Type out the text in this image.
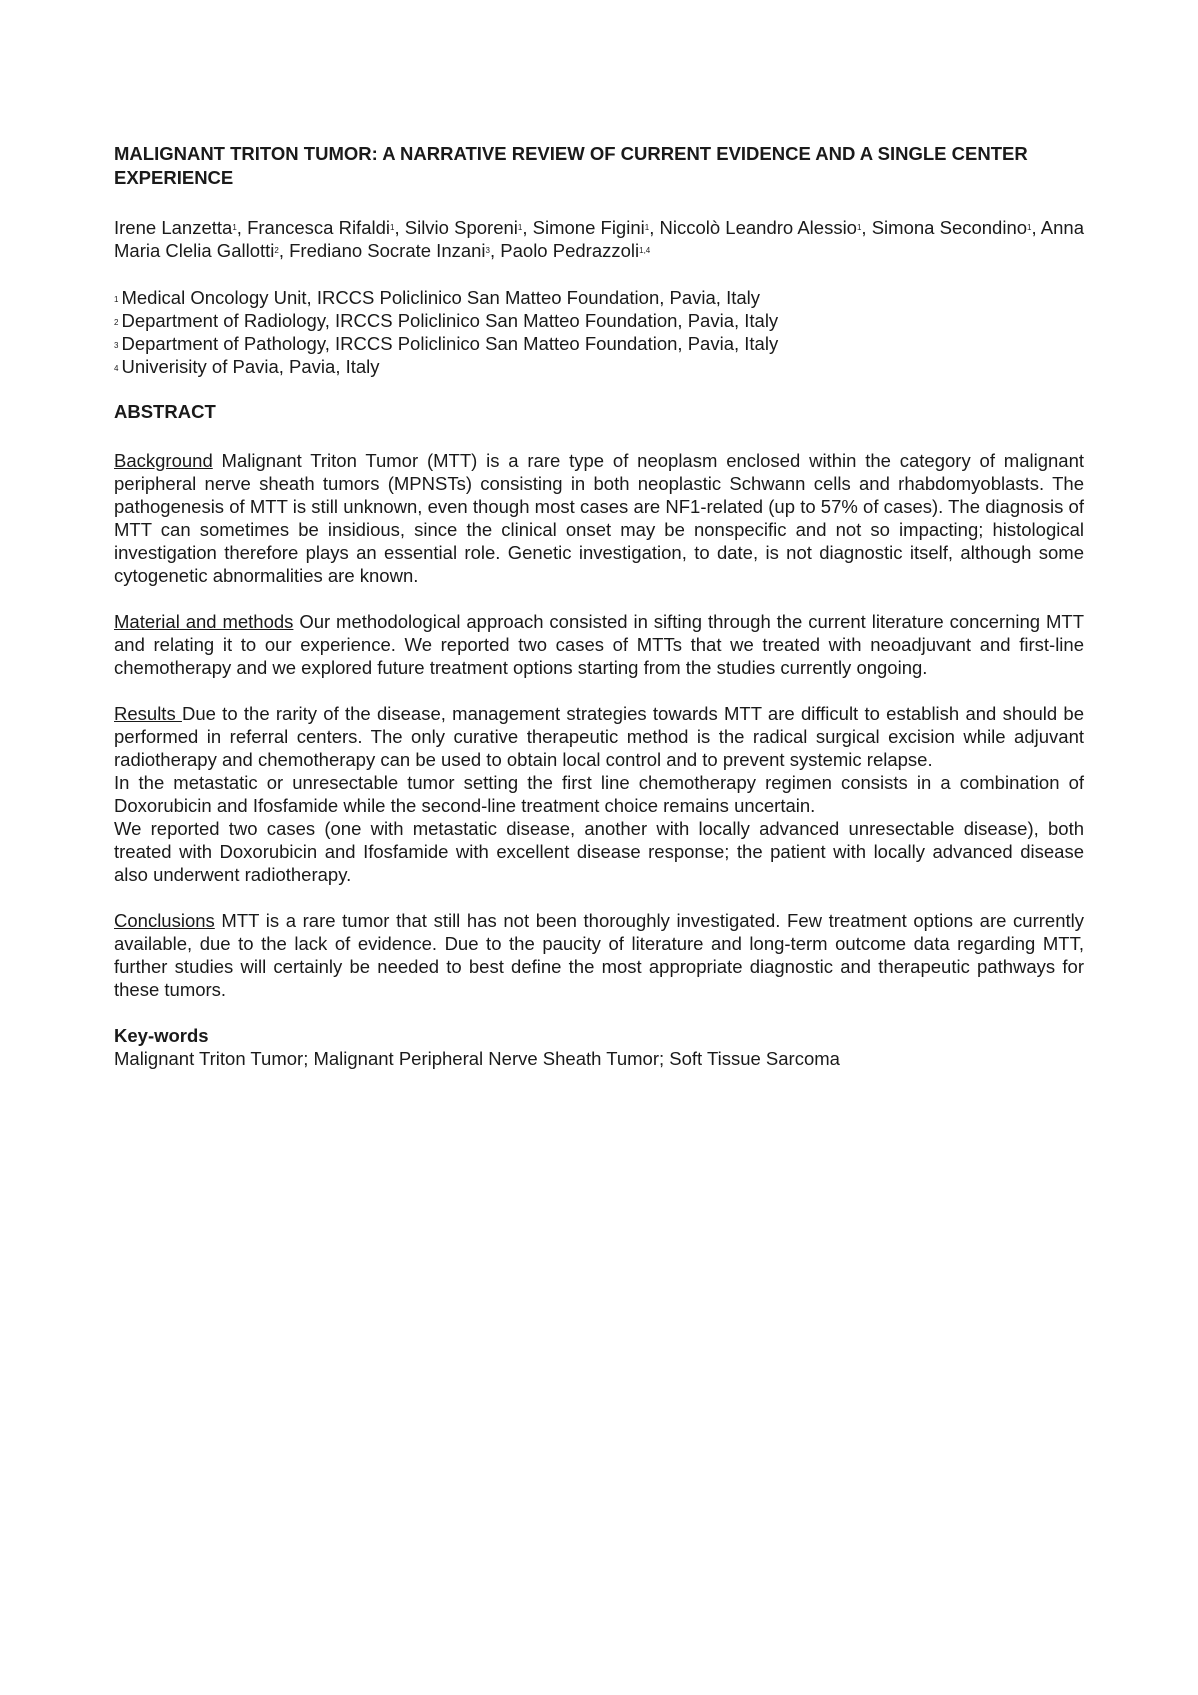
MALIGNANT TRITON TUMOR: A NARRATIVE REVIEW OF CURRENT EVIDENCE AND A SINGLE CENTER EXPERIENCE

Irene Lanzetta$^1$, Francesca Rifaldi$^1$, Silvio Sporeni$^1$, Simone Figini$^1$, Niccolò Leandro Alessio$^1$, Simona Secondino$^1$, Anna Maria Clelia Gallotti$^2$, Frediano Socrate Inzani$^3$, Paolo Pedrazzoli$^{1,4}$

$^1$ Medical Oncology Unit, IRCCS Policlinico San Matteo Foundation, Pavia, Italy
$^2$ Department of Radiology, IRCCS Policlinico San Matteo Foundation, Pavia, Italy
$^3$ Department of Pathology, IRCCS Policlinico San Matteo Foundation, Pavia, Italy
$^4$ Univerisity of Pavia, Pavia, Italy
ABSTRACT

Background Malignant Triton Tumor (MTT) is a rare type of neoplasm enclosed within the category of malignant peripheral nerve sheath tumors (MPNSTs) consisting in both neoplastic Schwann cells and rhabdomyoblasts. The pathogenesis of MTT is still unknown, even though most cases are NF1-related (up to 57% of cases). The diagnosis of MTT can sometimes be insidious, since the clinical onset may be nonspecific and not so impacting; histological investigation therefore plays an essential role. Genetic investigation, to date, is not diagnostic itself, although some cytogenetic abnormalities are known.

Material and methods Our methodological approach consisted in sifting through the current literature concerning MTT and relating it to our experience. We reported two cases of MTTs that we treated with neoadjuvant and first-line chemotherapy and we explored future treatment options starting from the studies currently ongoing.

Results Due to the rarity of the disease, management strategies towards MTT are difficult to establish and should be performed in referral centers. The only curative therapeutic method is the radical surgical excision while adjuvant radiotherapy and chemotherapy can be used to obtain local control and to prevent systemic relapse.
In the metastatic or unresectable tumor setting the first line chemotherapy regimen consists in a combination of Doxorubicin and Ifosfamide while the second-line treatment choice remains uncertain.
We reported two cases (one with metastatic disease, another with locally advanced unresectable disease), both treated with Doxorubicin and Ifosfamide with excellent disease response; the patient with locally advanced disease also underwent radiotherapy.

Conclusions MTT is a rare tumor that still has not been thoroughly investigated. Few treatment options are currently available, due to the lack of evidence. Due to the paucity of literature and long-term outcome data regarding MTT, further studies will certainly be needed to best define the most appropriate diagnostic and therapeutic pathways for these tumors.

Key-words
Malignant Triton Tumor; Malignant Peripheral Nerve Sheath Tumor; Soft Tissue Sarcoma
